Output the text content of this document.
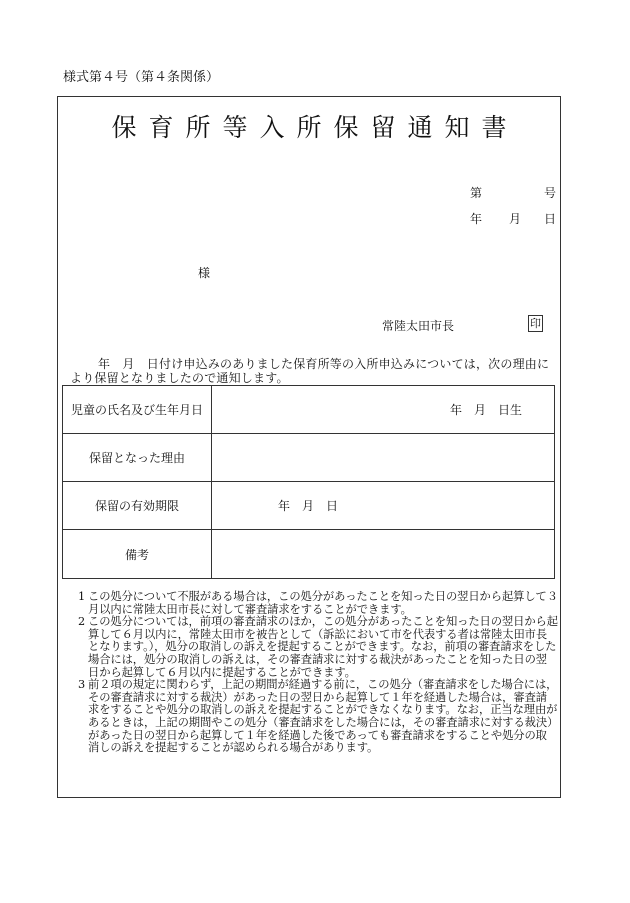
様式第４号（第４条関係）
保育所等入所保留通知書
第	号
年 月 日
様
常陸太田市長	印
年　月　日付け申込みのありました保育所等の入所申込みについては，次の理由により保留となりましたので通知します。
児童の氏名及び生年月日	年　月　日生

保留となった理由	
保留の有効期限	年　月　日

備考	
1 この処分について不服がある場合は，この処分があったことを知った日の翌日から起算して３月以内に常陸太田市長に対して審査請求をすることができます。
2 この処分については，前項の審査請求のほか，この処分があったことを知った日の翌日から起算して６月以内に，常陸太田市を被告として（訴訟において市を代表する者は常陸太田市長となります。），処分の取消しの訴えを提起することができます。なお，前項の審査請求をした場合には，処分の取消しの訴えは，その審査請求に対する裁決があったことを知った日の翌日から起算して６月以内に提起することができます。
3 前２項の規定に関わらず，上記の期間が経過する前に，この処分（審査請求をした場合には，その審査請求に対する裁決）があった日の翌日から起算して１年を経過した場合は，審査請求をすることや処分の取消しの訴えを提起することができなくなります。なお，正当な理由があるときは，上記の期間やこの処分（審査請求をした場合には，その審査請求に対する裁決）があった日の翌日から起算して１年を経過した後であっても審査請求をすることや処分の取消しの訴えを提起することが認められる場合があります。
